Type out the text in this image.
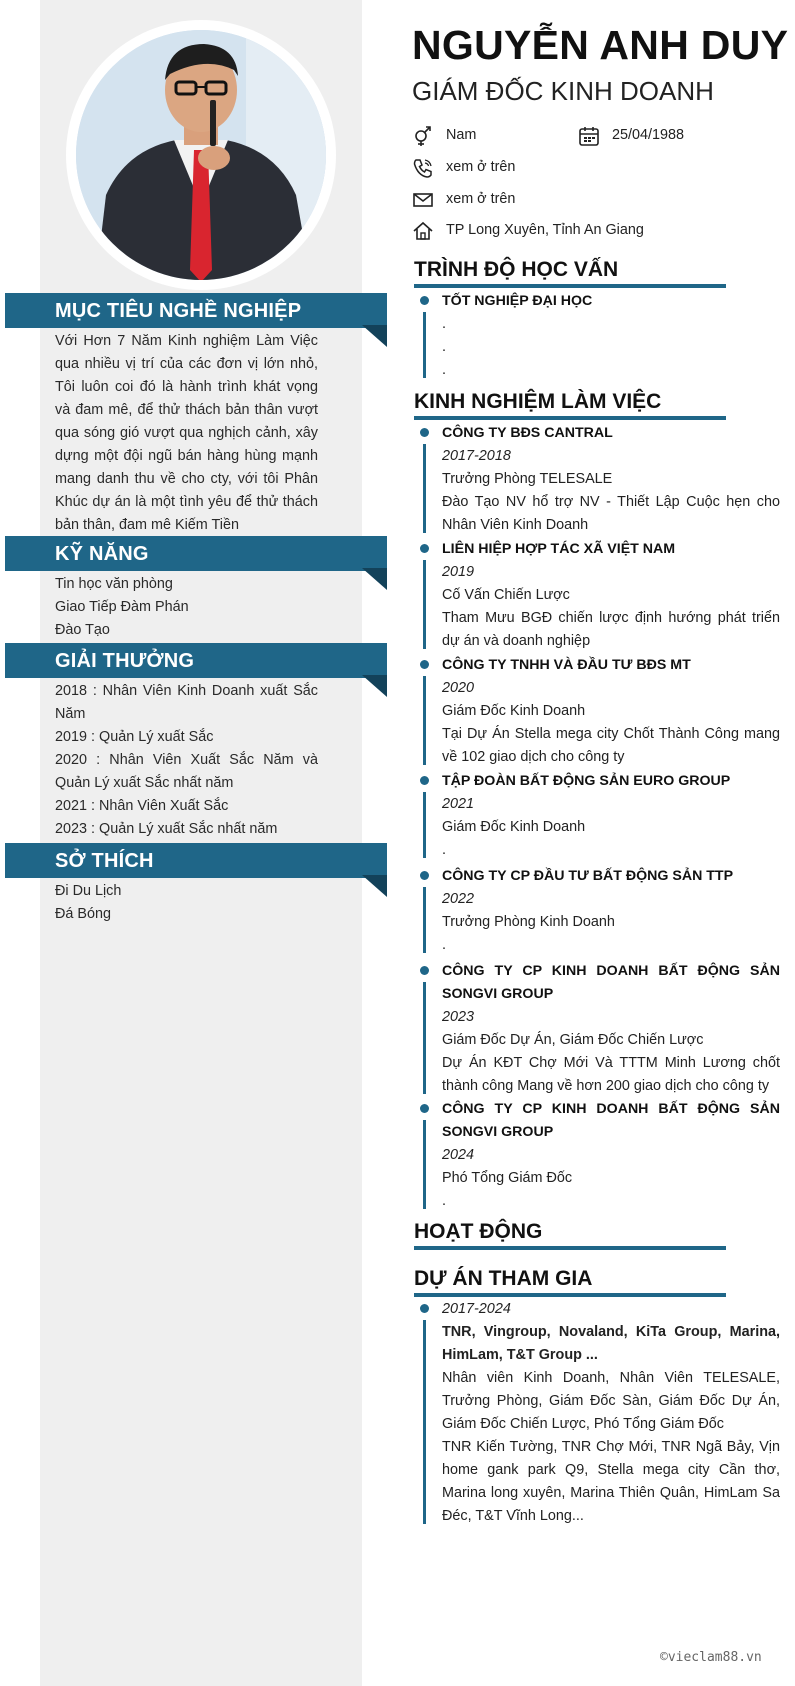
MỤC TIÊU NGHỀ NGHIỆP

Với Hơn 7 Năm Kinh nghiệm Làm Việc qua nhiều vị trí của các đơn vị lớn nhỏ, Tôi luôn coi đó là hành trình khát vọng và đam mê, để thử thách bản thân vượt qua sóng gió vượt qua nghịch cảnh, xây dựng một đội ngũ bán hàng hùng mạnh mang danh thu về cho cty, với tôi Phân Khúc dự án là một tình yêu để thử thách bản thân, đam mê Kiếm Tiền

KỸ NĂNG
Tin học văn phòng
Giao Tiếp Đàm Phán
Đào Tạo
GIẢI THƯỞNG

2018 : Nhân Viên Kinh Doanh xuất Sắc Năm

2019 : Quản Lý xuất Sắc

2020 : Nhân Viên Xuất Sắc Năm và Quản Lý xuất Sắc nhất năm

2021 : Nhân Viên Xuất Sắc

2023 : Quản Lý xuất Sắc nhất năm

SỞ THÍCH
Đi Du Lịch
Đá Bóng
NGUYỄN ANH DUY
GIÁM ĐỐC KINH DOANH
Nam	25/04/1988
xem ở trên
xem ở trên
TP Long Xuyên, Tỉnh An Giang
TRÌNH ĐỘ HỌC VẤN
TỐT NGHIỆP ĐẠI HỌC
.
.
.
KINH NGHIỆM LÀM VIỆC
CÔNG TY BĐS CANTRAL
2017-2018
Trưởng Phòng TELESALE
Đào Tạo NV hổ trợ NV - Thiết Lập Cuộc hẹn cho Nhân Viên Kinh Doanh
LIÊN HIỆP HỢP TÁC XÃ VIỆT NAM
2019
Cố Vấn Chiến Lược
Tham Mưu BGĐ chiến lược định hướng phát triển dự án và doanh nghiệp
CÔNG TY TNHH VÀ ĐẦU TƯ BĐS MT
2020
Giám Đốc Kinh Doanh
Tại Dự Án Stella mega city Chốt Thành Công mang về 102 giao dịch cho công ty
TẬP ĐOÀN BẤT ĐỘNG SẢN EURO GROUP
2021
Giám Đốc Kinh Doanh
.
CÔNG TY CP ĐẦU TƯ BẤT ĐỘNG SẢN TTP
2022
Trưởng Phòng Kinh Doanh
.
CÔNG TY CP KINH DOANH BẤT ĐỘNG SẢN SONGVI GROUP
2023
Giám Đốc Dự Án, Giám Đốc Chiến Lược
Dự Án KĐT Chợ Mới Và TTTM Minh Lương chốt thành công Mang về hơn 200 giao dịch cho công ty
CÔNG TY CP KINH DOANH BẤT ĐỘNG SẢN SONGVI GROUP
2024
Phó Tổng Giám Đốc
.
HOẠT ĐỘNG
DỰ ÁN THAM GIA
2017-2024
TNR, Vingroup, Novaland, KiTa Group, Marina, HimLam, T&T Group ...
Nhân viên Kinh Doanh, Nhân Viên TELESALE, Trưởng Phòng, Giám Đốc Sàn, Giám Đốc Dự Án, Giám Đốc Chiến Lược, Phó Tổng Giám Đốc
TNR Kiến Tường, TNR Chợ Mới, TNR Ngã Bảy, Vịn home gank park Q9, Stella mega city Cần thơ, Marina long xuyên, Marina Thiên Quân, HimLam Sa Đéc, T&T Vĩnh Long...
©vieclam88.vn
